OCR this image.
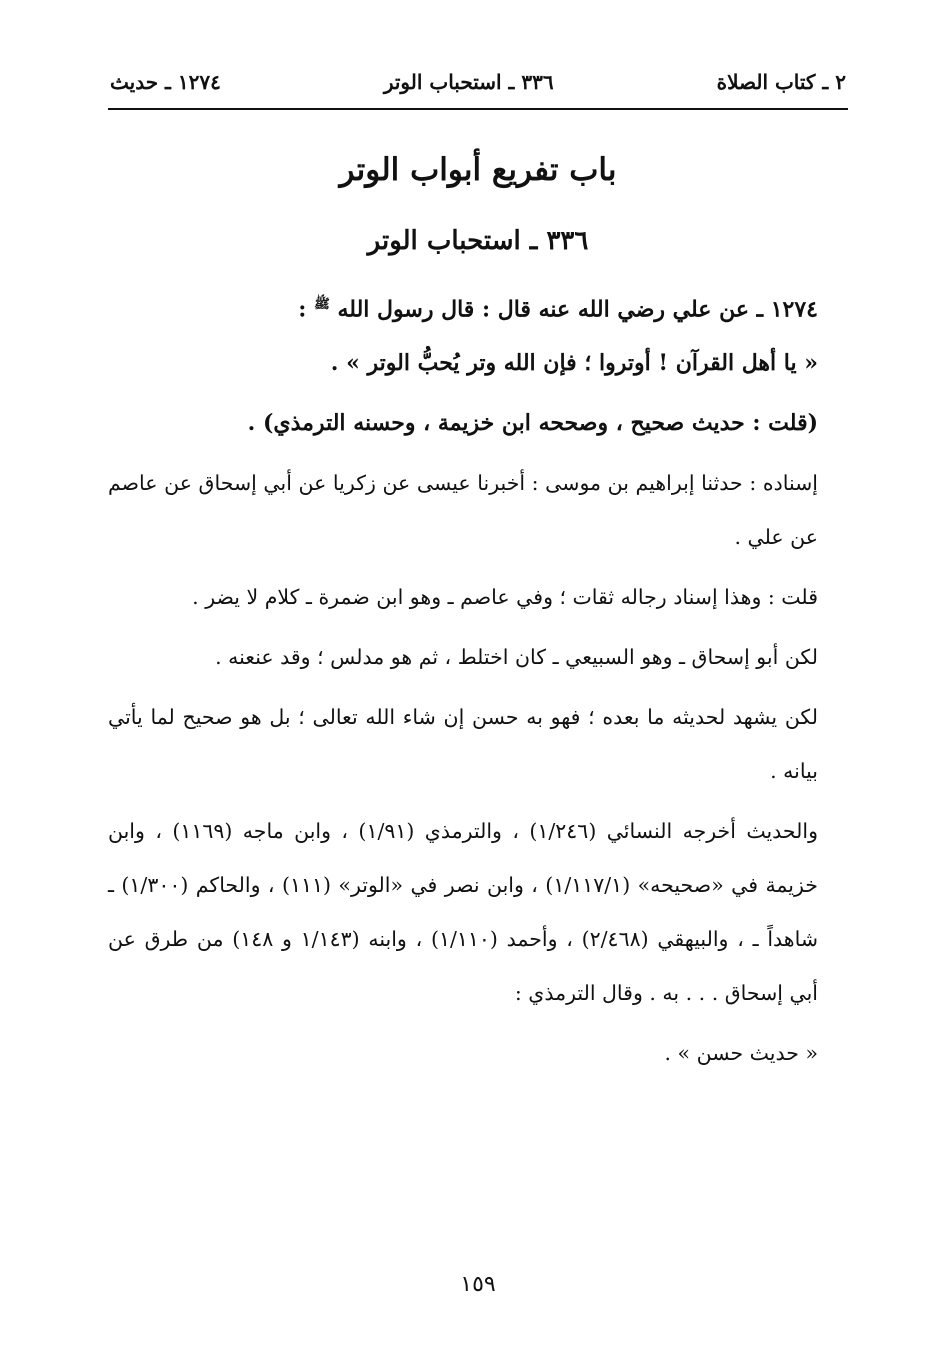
٢ ـ كتاب الصلاة
٣٣٦ ـ استحباب الوتر
١٢٧٤ ـ حديث
باب تفريع أبواب الوتر
٣٣٦ ـ استحباب الوتر
١٢٧٤ ـ عن علي رضي الله عنه قال : قال رسول الله $^ﷺ$ :
« يا أهل القرآن ! أوتروا ؛ فإن الله وتر يُحبُّ الوتر » .
(قلت : حديث صحيح ، وصححه ابن خزيمة ، وحسنه الترمذي) .
إسناده : حدثنا إبراهيم بن موسى : أخبرنا عيسى عن زكريا عن أبي إسحاق عن عاصم عن علي .
قلت : وهذا إسناد رجاله ثقات ؛ وفي عاصم ـ وهو ابن ضمرة ـ كلام لا يضر .
لكن أبو إسحاق ـ وهو السبيعي ـ كان اختلط ، ثم هو مدلس ؛ وقد عنعنه .
لكن يشهد لحديثه ما بعده ؛ فهو به حسن إن شاء الله تعالى ؛ بل هو صحيح لما يأتي بيانه .
والحديث أخرجه النسائي (١/٢٤٦) ، والترمذي (١/٩١) ، وابن ماجه (١١٦٩) ، وابن خزيمة في «صحيحه» (١/١١٧/١) ، وابن نصر في «الوتر» (١١١) ، والحاكم (١/٣٠٠) ـ شاهداً ـ ، والبيهقي (٢/٤٦٨) ، وأحمد (١/١١٠) ، وابنه (١/١٤٣ و ١٤٨) من طرق عن أبي إسحاق . . . به . وقال الترمذي :
« حديث حسن » .
١٥٩
